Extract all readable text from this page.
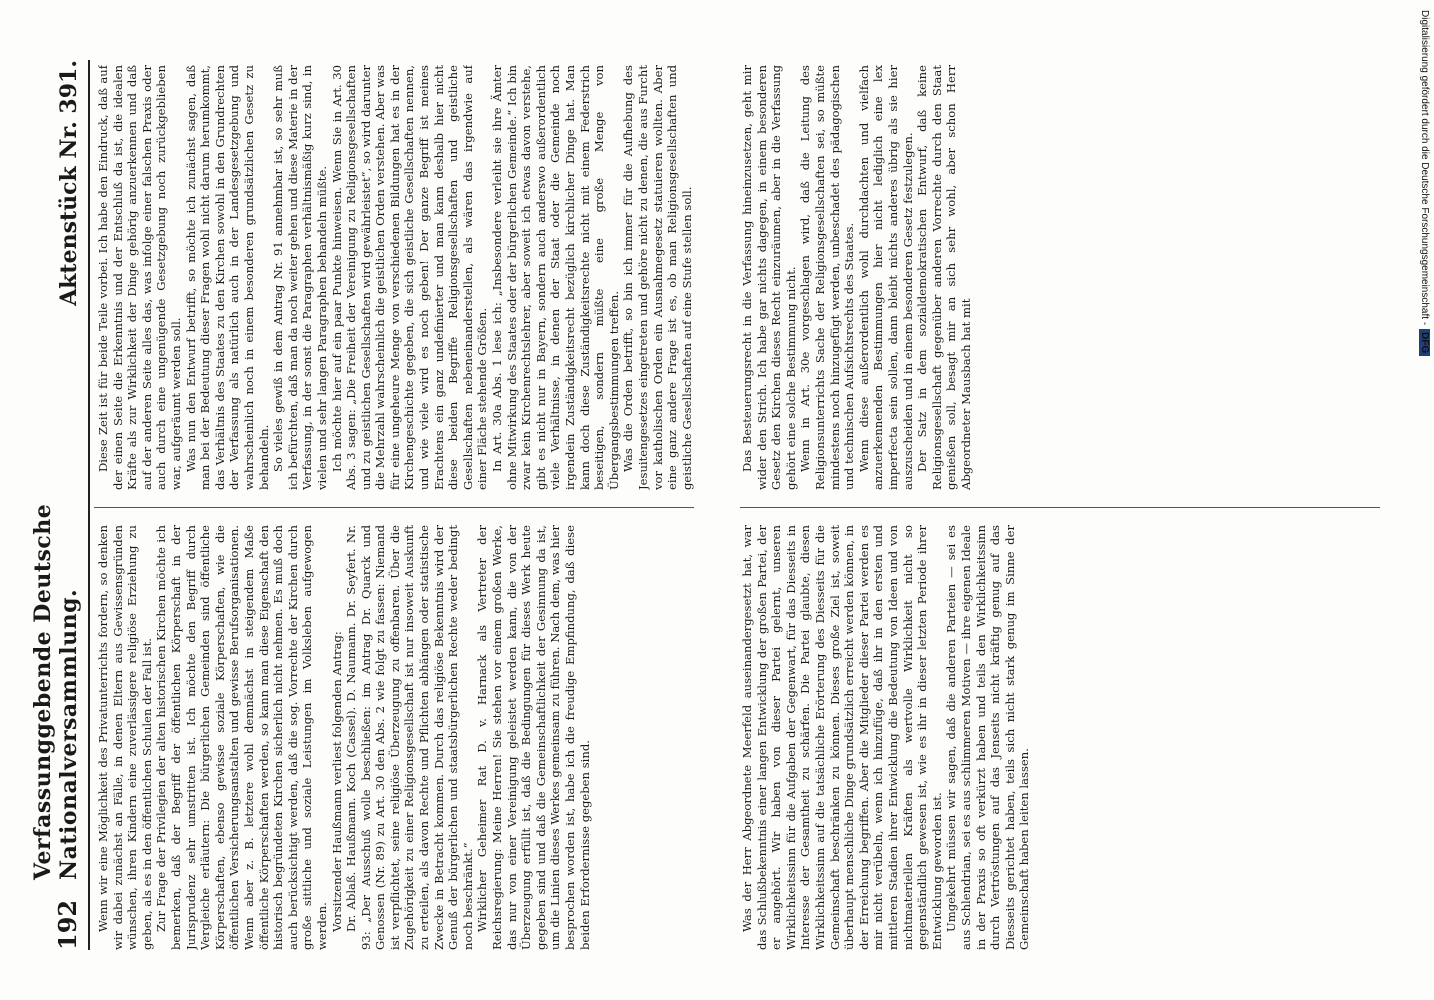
192
Verfassunggebende Deutsche Nationalversammlung.
Aktenstück Nr. 391.

Wenn wir eine Möglichkeit des Privatunterrichts fordern, so denken wir dabei zunächst an Fälle, in denen Eltern aus Gewissensgründen wünschen, ihren Kindern eine zuverlässigere religiöse Erziehung zu geben, als es in den öffentlichen Schulen der Fall ist. Zur Frage der Privilegien der alten historischen Kirchen möchte ich bemerken, daß der Begriff der öffentlichen Körperschaft in der Jurisprudenz sehr umstritten ist. Ich möchte den Begriff durch Vergleiche erläutern: Die bürgerlichen Gemeinden sind öffentliche Körperschaften, ebenso gewisse soziale Körperschaften, wie die öffentlichen Versicherungsanstalten und gewisse Berufsorganisationen. Wenn aber z. B. letztere wohl demnächst in steigendem Maße öffentliche Körperschaften werden, so kann man diese Eigenschaft den historisch begründeten Kirchen sicherlich nicht nehmen. Es muß doch auch berücksichtigt werden, daß die sog. Vorrechte der Kirchen durch große sittliche und soziale Leistungen im Volksleben aufgewogen werden. Vorsitzender Haußmann verliest folgenden Antrag: Dr. Ablaß. Haußmann. Koch (Cassel). D. Naumann. Dr. Seyfert. Nr. 93: „Der Ausschuß wolle beschließen: im Antrag Dr. Quarck und Genossen (Nr. 89) zu Art. 30 den Abs. 2 wie folgt zu fassen: Niemand ist verpflichtet, seine religiöse Überzeugung zu offenbaren. Über die Zugehörigkeit zu einer Religionsgesellschaft ist nur insoweit Auskunft zu erteilen, als davon Rechte und Pflichten abhängen oder statistische Zwecke in Betracht kommen. Durch das religiöse Bekenntnis wird der Genuß der bürgerlichen und staatsbürgerlichen Rechte weder bedingt noch beschränkt.“ Wirklicher Geheimer Rat D. v. Harnack als Vertreter der Reichsregierung: Meine Herren! Sie stehen vor einem großen Werke, das nur von einer Vereinigung geleistet werden kann, die von der Überzeugung erfüllt ist, daß die Bedingungen für dieses Werk heute gegeben sind und daß die Gemeinschaftlichkeit der Gesinnung da ist, um die Linien dieses Werkes gemeinsam zu führen. Nach dem, was hier besprochen worden ist, habe ich die freudige Empfindung, daß diese beiden Erfordernisse gegeben sind.

Diese Zeit ist für beide Teile vorbei. Ich habe den Eindruck, daß auf der einen Seite die Erkenntnis und der Entschluß da ist, die idealen Kräfte als zur Wirklichkeit der Dinge gehörig anzuerkennen und daß auf der anderen Seite alles das, was infolge einer falschen Praxis oder auch durch eine ungenügende Gesetzgebung noch zurückgeblieben war, aufgeräumt werden soll. Was nun den Entwurf betrifft, so möchte ich zunächst sagen, daß man bei der Bedeutung dieser Fragen wohl nicht darum herumkommt, das Verhältnis des Staates zu den Kirchen sowohl in den Grundrechten der Verfassung als natürlich auch in der Landesgesetzgebung und wahrscheinlich noch in einem besonderen grundsätzlichen Gesetz zu behandeln. So vieles gewiß in dem Antrag Nr. 91 annehmbar ist, so sehr muß ich befürchten, daß man da noch weiter gehen und diese Materie in der Verfassung, in der sonst die Paragraphen verhältnismäßig kurz sind, in vielen und sehr langen Paragraphen behandeln müßte. Ich möchte hier auf ein paar Punkte hinweisen. Wenn Sie in Art. 30 Abs. 3 sagen: „Die Freiheit der Vereinigung zu Religionsgesellschaften und zu geistlichen Gesellschaften wird gewährleistet“, so wird darunter die Mehrzahl wahrscheinlich die geistlichen Orden verstehen. Aber was für eine ungeheure Menge von verschiedenen Bildungen hat es in der Kirchengeschichte gegeben, die sich geistliche Gesellschaften nennen, und wie viele wird es noch geben! Der ganze Begriff ist meines Erachtens ein ganz undefinierter und man kann deshalb hier nicht diese beiden Begriffe Religionsgesellschaften und geistliche Gesellschaften nebeneinanderstellen, als wären das irgendwie auf einer Fläche stehende Größen. In Art. 30a Abs. 1 lese ich: „Insbesondere verleiht sie ihre Ämter ohne Mitwirkung des Staates oder der bürgerlichen Gemeinde.“ Ich bin zwar kein Kirchenrechtslehrer, aber soweit ich etwas davon verstehe, gibt es nicht nur in Bayern, sondern auch anderswo außerordentlich viele Verhältnisse, in denen der Staat oder die Gemeinde noch irgendein Zuständigkeitsrecht bezüglich kirchlicher Dinge hat. Man kann doch diese Zuständigkeitsrechte nicht mit einem Federstrich beseitigen, sondern müßte eine große Menge von Übergangsbestimmungen treffen. Was die Orden betrifft, so bin ich immer für die Aufhebung des Jesuitengesetzes eingetreten und gehöre nicht zu denen, die aus Furcht vor katholischen Orden ein Ausnahmegesetz statuieren wollten. Aber eine ganz andere Frage ist es, ob man Religionsgesellschaften und geistliche Gesellschaften auf eine Stufe stellen soll.

Was der Herr Abgeordnete Meerfeld auseinandergesetzt hat, war das Schlußbekenntnis einer langen Entwicklung der großen Partei, der er angehört. Wir haben von dieser Partei gelernt, unseren Wirklichkeitssinn für die Aufgaben der Gegenwart, für das Diesseits in Interesse der Gesamtheit zu schärfen. Die Partei glaubte, diesen Wirklichkeitssinn auf die tatsächliche Erörterung des Diesseits für die Gemeinschaft beschränken zu können. Dieses große Ziel ist, soweit überhaupt menschliche Dinge grundsätzlich erreicht werden können, in der Erreichung begriffen. Aber die Mitglieder dieser Partei werden es mir nicht verübeln, wenn ich hinzufüge, daß ihr in den ersten und mittleren Stadien ihrer Entwicklung die Bedeutung von Ideen und von nichtmateriellen Kräften als wertvolle Wirklichkeit nicht so gegenständlich gewesen ist, wie es ihr in dieser letzten Periode ihrer Entwicklung geworden ist. Umgekehrt müssen wir sagen, daß die anderen Parteien — sei es aus Schlendrian, sei es aus schlimmeren Motiven — ihre eigenen Ideale in der Praxis so oft verkürzt haben und teils den Wirklichkeitssinn durch Vertröstungen auf das Jenseits nicht kräftig genug auf das Diesseits gerichtet haben, teils sich nicht stark genug im Sinne der Gemeinschaft haben leiten lassen.

Das Besteuerungsrecht in die Verfassung hineinzusetzen, geht mir wider den Strich. Ich habe gar nichts dagegen, in einem besonderen Gesetz den Kirchen dieses Recht einzuräumen, aber in die Verfassung gehört eine solche Bestimmung nicht. Wenn in Art. 30e vorgeschlagen wird, daß die Leitung des Religionsunterrichts Sache der Religionsgesellschaften sei, so müßte mindestens noch hinzugefügt werden, unbeschadet des pädagogischen und technischen Aufsichtsrechts des Staates. Wenn diese außerordentlich wohl durchdachten und vielfach anzuerkennenden Bestimmungen hier nicht lediglich eine lex imperfecta sein sollen, dann bleibt nichts anderes übrig als sie hier auszuscheiden und in einem besonderen Gesetz festzulegen. Der Satz in dem sozialdemokratischen Entwurf, daß keine Religionsgesellschaft gegenüber anderen Vorrechte durch den Staat genießen soll, besagt mir an sich sehr wohl, aber schon Herr Abgeordneter Mausbach hat mit

Digitalisierung gefördert durch die Deutsche Forschungsgemeinschaft -DFG
